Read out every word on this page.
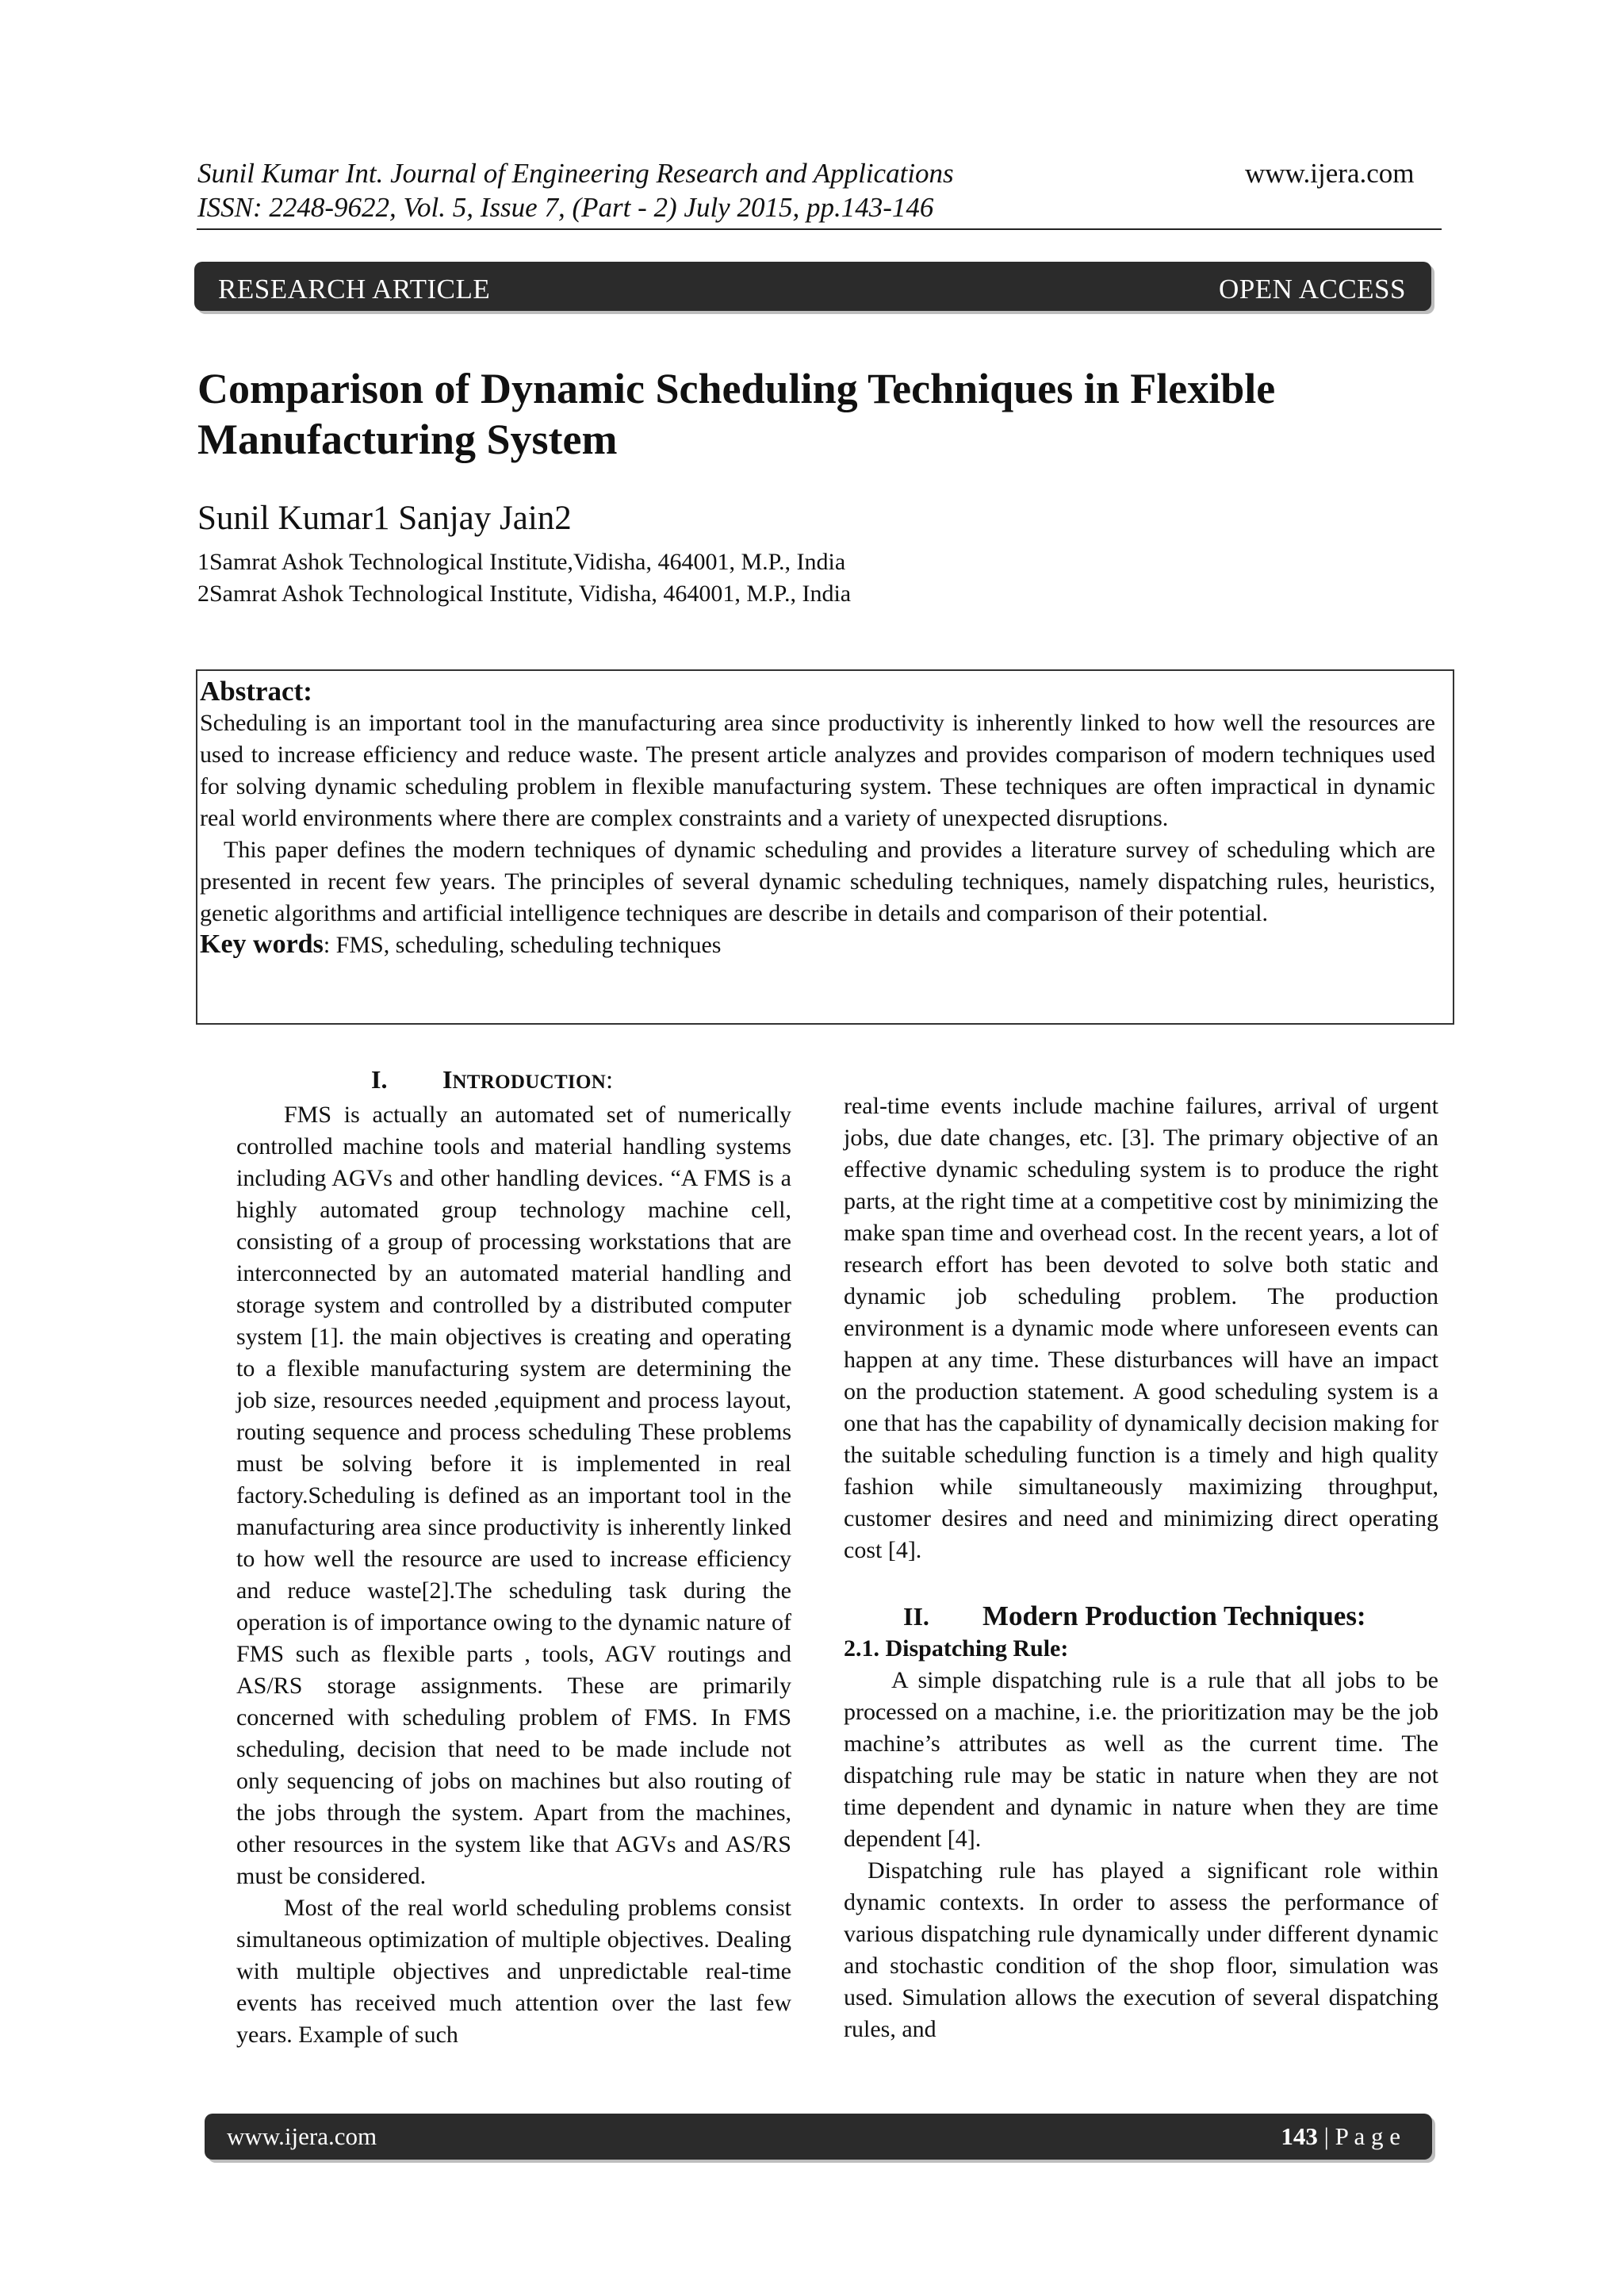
Sunil Kumar Int. Journal of Engineering Research and Applications
ISSN: 2248-9622, Vol. 5, Issue 7, (Part - 2) July 2015, pp.143-146
www.ijera.com
RESEARCH ARTICLE	OPEN ACCESS
Comparison of Dynamic Scheduling Techniques in Flexible
Manufacturing System
Sunil Kumar1 Sanjay Jain2
1Samrat Ashok Technological Institute,Vidisha, 464001, M.P., India
2Samrat Ashok Technological Institute, Vidisha, 464001, M.P., India
Abstract:

Scheduling is an important tool in the manufacturing area since productivity is inherently linked to how well the resources are used to increase efficiency and reduce waste. The present article analyzes and provides comparison of modern techniques used for solving dynamic scheduling problem in flexible manufacturing system. These techniques are often impractical in dynamic real world environments where there are complex constraints and a variety of unexpected disruptions.

This paper defines the modern techniques of dynamic scheduling and provides a literature survey of scheduling which are presented in recent few years. The principles of several dynamic scheduling techniques, namely dispatching rules, heuristics, genetic algorithms and artificial intelligence techniques are describe in details and comparison of their potential.

Key words: FMS, scheduling, scheduling techniques
I. INTRODUCTION:

FMS is actually an automated set of numerically controlled machine tools and material handling systems including AGVs and other handling devices. “A FMS is a highly automated group technology machine cell, consisting of a group of processing workstations that are interconnected by an automated material handling and storage system and controlled by a distributed computer system [1]. the main objectives is creating and operating to a flexible manufacturing system are determining the job size, resources needed ,equipment and process layout, routing sequence and process scheduling These problems must be solving before it is implemented in real factory.Scheduling is defined as an important tool in the manufacturing area since productivity is inherently linked to how well the resource are used to increase efficiency and reduce waste[2].The scheduling task during the operation is of importance owing to the dynamic nature of FMS such as flexible parts , tools, AGV routings and AS/RS storage assignments. These are primarily concerned with scheduling problem of FMS. In FMS scheduling, decision that need to be made include not only sequencing of jobs on machines but also routing of the jobs through the system. Apart from the machines, other resources in the system like that AGVs and AS/RS must be considered.

Most of the real world scheduling problems consist simultaneous optimization of multiple objectives. Dealing with multiple objectives and unpredictable real-time events has received much attention over the last few years. Example of such

real-time events include machine failures, arrival of urgent jobs, due date changes, etc. [3]. The primary objective of an effective dynamic scheduling system is to produce the right parts, at the right time at a competitive cost by minimizing the make span time and overhead cost. In the recent years, a lot of research effort has been devoted to solve both static and dynamic job scheduling problem. The production environment is a dynamic mode where unforeseen events can happen at any time. These disturbances will have an impact on the production statement. A good scheduling system is a one that has the capability of dynamically decision making for the suitable scheduling function is a timely and high quality fashion while simultaneously maximizing throughput, customer desires and need and minimizing direct operating cost [4].

II. Modern Production Techniques:
2.1. Dispatching Rule:

A simple dispatching rule is a rule that all jobs to be processed on a machine, i.e. the prioritization may be the job machine’s attributes as well as the current time. The dispatching rule may be static in nature when they are not time dependent and dynamic in nature when they are time dependent [4].

Dispatching rule has played a significant role within dynamic contexts. In order to assess the performance of various dispatching rule dynamically under different dynamic and stochastic condition of the shop floor, simulation was used. Simulation allows the execution of several dispatching rules, and

www.ijera.com	143 | P a g e
